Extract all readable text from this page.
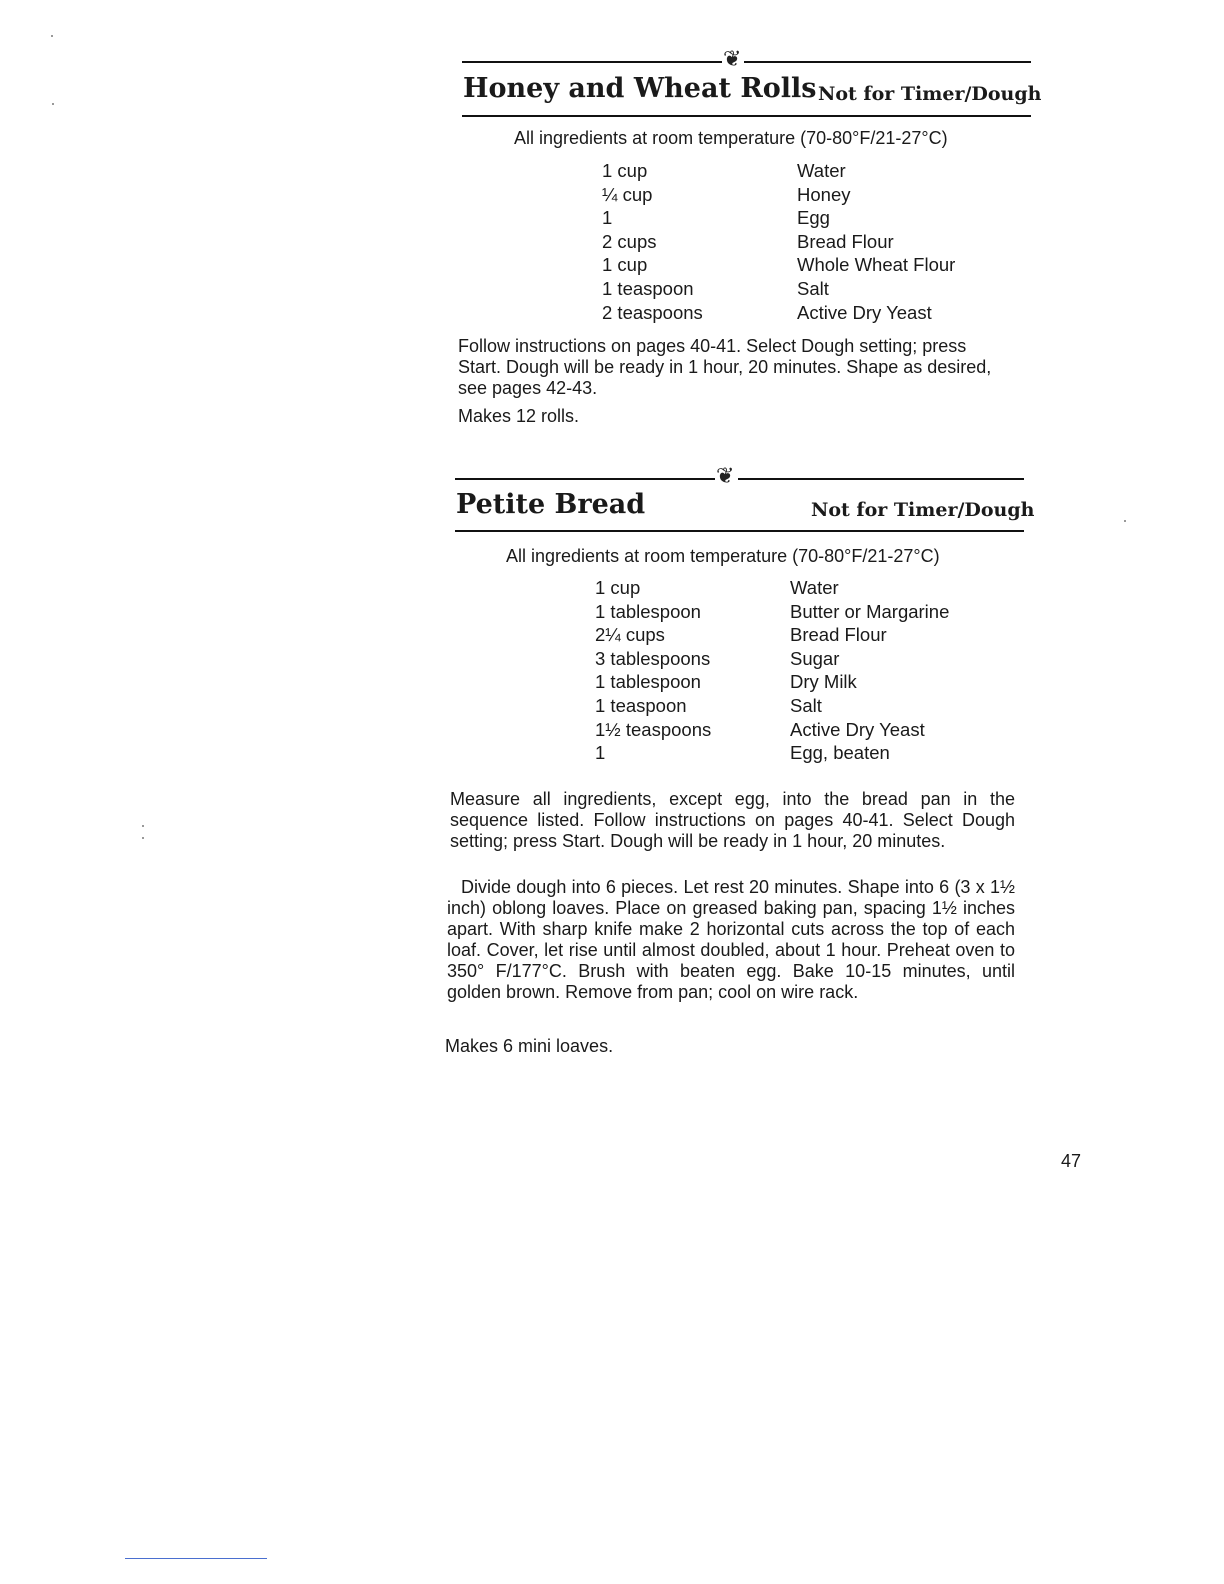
❦
Honey and Wheat Rolls Not for Timer/Dough
All ingredients at room temperature (70-80°F/21-27°C)
1 cup	Water
¼ cup	Honey
1	Egg
2 cups	Bread Flour
1 cup	Whole Wheat Flour
1 teaspoon	Salt
2 teaspoons	Active Dry Yeast

Follow instructions on pages 40-41. Select Dough setting; press Start. Dough will be ready in 1 hour, 20 minutes. Shape as desired, see pages 42-43.

Makes 12 rolls.

❦
Petite Bread	Not for Timer/Dough
All ingredients at room temperature (70-80°F/21-27°C)
1 cup	Water
1 tablespoon	Butter or Margarine
2¼ cups	Bread Flour
3 tablespoons	Sugar
1 tablespoon	Dry Milk
1 teaspoon	Salt
1½ teaspoons	Active Dry Yeast
1	Egg, beaten

Measure all ingredients, except egg, into the bread pan in the sequence listed. Follow instructions on pages 40-41. Select Dough setting; press Start. Dough will be ready in 1 hour, 20 minutes.

Divide dough into 6 pieces. Let rest 20 minutes. Shape into 6 (3 x 1½ inch) oblong loaves. Place on greased baking pan, spacing 1½ inches apart. With sharp knife make 2 horizontal cuts across the top of each loaf. Cover, let rise until almost doubled, about 1 hour. Preheat oven to 350° F/177°C. Brush with beaten egg. Bake 10-15 minutes, until golden brown. Remove from pan; cool on wire rack.

Makes 6 mini loaves.

47
